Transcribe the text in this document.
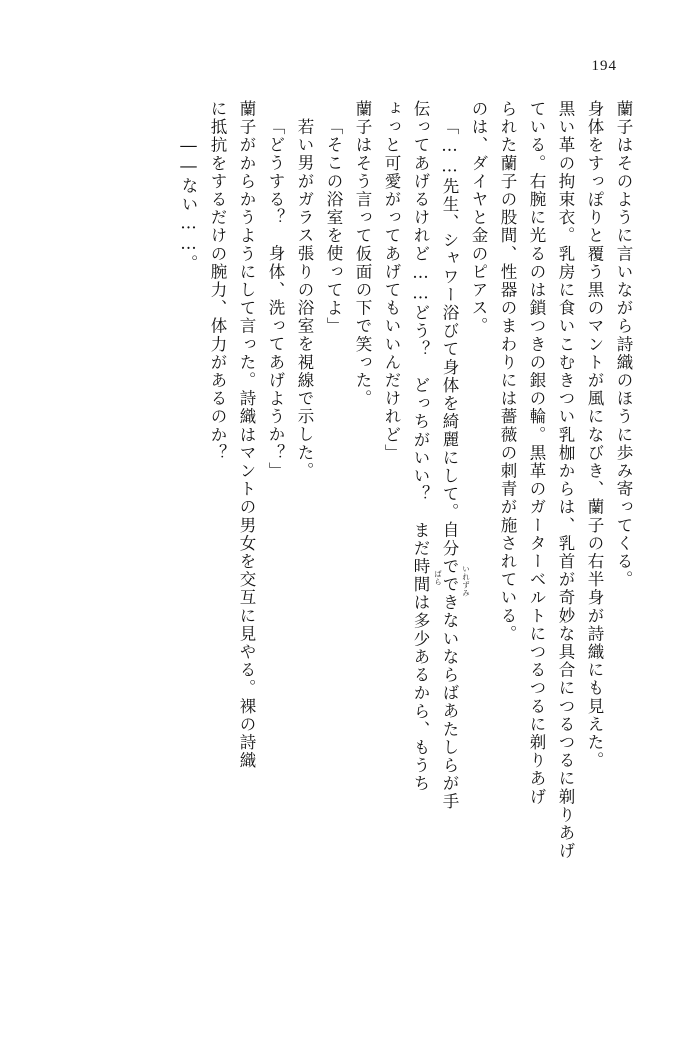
194
蘭子はそのように言いながら詩織のほうに歩み寄ってくる。
身体をすっぽりと覆う黒のマントが風になびき、蘭子の右半身が詩織にも見えた。
黒い革の拘束衣。乳房に食いこむきつい乳枷からは、乳首が奇妙な具合につるつるに剃りあげ
ている。右腕に光るのは鎖つきの銀の輪。黒革のガーターベルトにつるつるに剃りあげ
られた蘭子の股間、性器のまわりには薔薇の刺青が施されている。
のは、ダイヤと金のピアス。
「……先生、シャワー浴びて身体を綺麗にして。自分でできないならばあたしらが手
伝ってあげるけれど……どう？　どっちがいい？　まだ時間は多少あるから、もうち
ょっと可愛がってあげてもいいんだけれど」
蘭子はそう言って仮面の下で笑った。
「そこの浴室を使ってよ」
若い男がガラス張りの浴室を視線で示した。
「どうする？　身体、洗ってあげようか？」
蘭子がからかうようにして言った。詩織はマントの男女を交互に見やる。裸の詩織
に抵抗をするだけの腕力、体力があるのか？
――ない……。
ばら	いれずみ
